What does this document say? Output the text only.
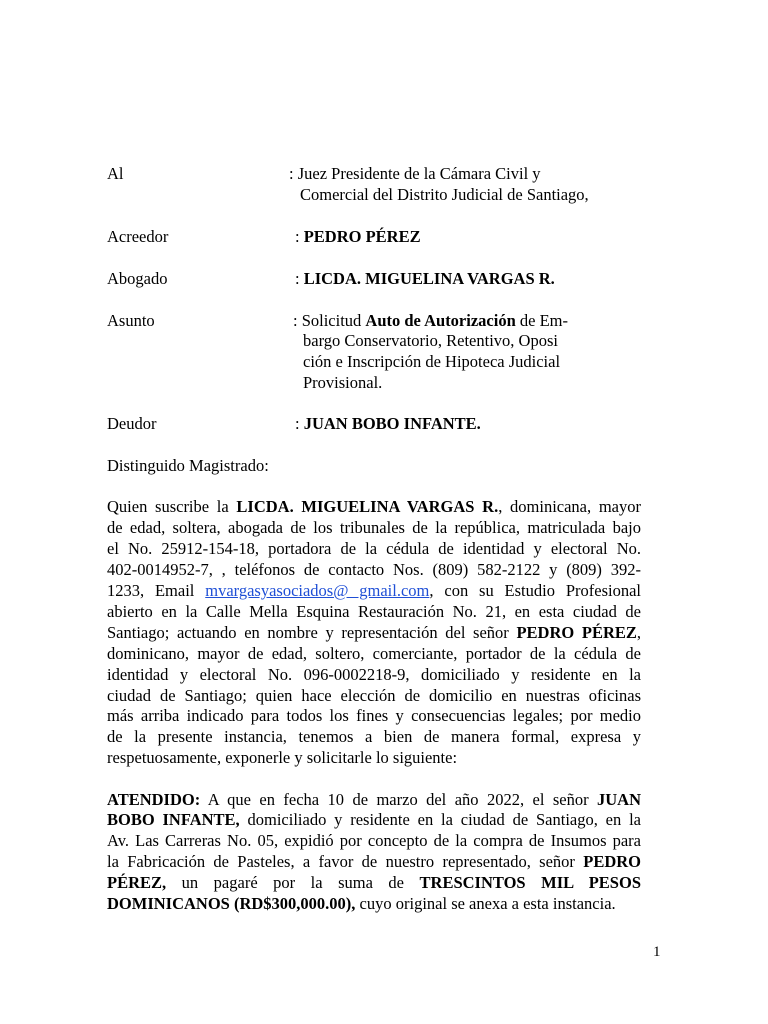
Al	: Juez Presidente de la Cámara Civil y
Comercial del Distrito Judicial de Santiago,
Acreedor	: PEDRO PÉREZ
Abogado	: LICDA. MIGUELINA VARGAS R.
Asunto	: Solicitud Auto de Autorización de Em-
bargo Conservatorio, Retentivo, Oposi
ción e Inscripción de Hipoteca Judicial
Provisional.
Deudor	: JUAN BOBO INFANTE.
Distinguido Magistrado:
Quien suscribe la LICDA. MIGUELINA VARGAS R., dominicana, mayor
de edad, soltera, abogada de los tribunales de la república, matriculada bajo
el No. 25912-154-18, portadora de la cédula de identidad y electoral No.
402-0014952-7, , teléfonos de contacto Nos. (809) 582-2122 y (809) 392-
1233, Email mvargasyasociados@ gmail.com, con su Estudio Profesional
abierto en la Calle Mella Esquina Restauración No. 21, en esta ciudad de
Santiago; actuando en nombre y representación del señor PEDRO PÉREZ,
dominicano, mayor de edad, soltero, comerciante, portador de la cédula de
identidad y electoral No. 096-0002218-9, domiciliado y residente en la
ciudad de Santiago; quien hace elección de domicilio en nuestras oficinas
más arriba indicado para todos los fines y consecuencias legales; por medio
de la presente instancia, tenemos a bien de manera formal, expresa y
respetuosamente, exponerle y solicitarle lo siguiente:
ATENDIDO: A que en fecha 10 de marzo del año 2022, el señor JUAN
BOBO INFANTE, domiciliado y residente en la ciudad de Santiago, en la
Av. Las Carreras No. 05, expidió por concepto de la compra de Insumos para
la Fabricación de Pasteles, a favor de nuestro representado, señor PEDRO
PÉREZ, un pagaré por la suma de TRESCINTOS MIL PESOS
DOMINICANOS (RD$300,000.00), cuyo original se anexa a esta instancia.
1
